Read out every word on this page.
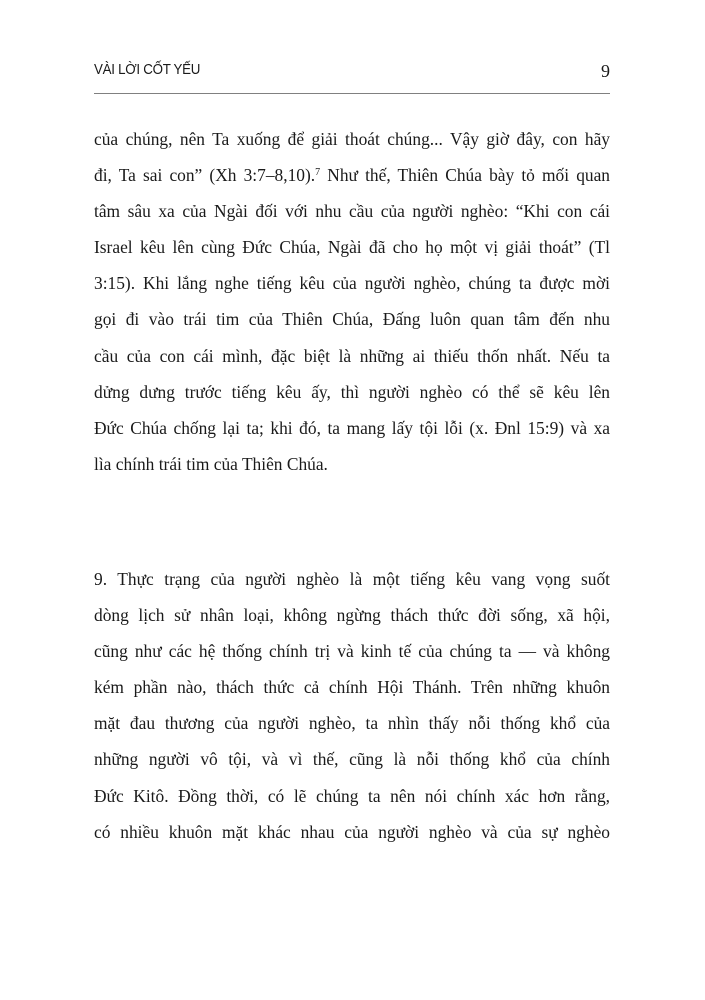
VÀI LỜI CỐT YẾU	9
của chúng, nên Ta xuống để giải thoát chúng... Vậy giờ đây, con hãy
đi, Ta sai con” (Xh 3:7–8,10).$^7$ Như thế, Thiên Chúa bày tỏ mối quan
tâm sâu xa của Ngài đối với nhu cầu của người nghèo: “Khi con cái
Israel kêu lên cùng Đức Chúa, Ngài đã cho họ một vị giải thoát” (Tl
3:15). Khi lắng nghe tiếng kêu của người nghèo, chúng ta được mời
gọi đi vào trái tim của Thiên Chúa, Đấng luôn quan tâm đến nhu
cầu của con cái mình, đặc biệt là những ai thiếu thốn nhất. Nếu ta
dửng dưng trước tiếng kêu ấy, thì người nghèo có thể sẽ kêu lên
Đức Chúa chống lại ta; khi đó, ta mang lấy tội lỗi (x. Đnl 15:9) và xa
lìa chính trái tim của Thiên Chúa.
9. Thực trạng của người nghèo là một tiếng kêu vang vọng suốt
dòng lịch sử nhân loại, không ngừng thách thức đời sống, xã hội,
cũng như các hệ thống chính trị và kinh tế của chúng ta — và không
kém phần nào, thách thức cả chính Hội Thánh. Trên những khuôn
mặt đau thương của người nghèo, ta nhìn thấy nỗi thống khổ của
những người vô tội, và vì thế, cũng là nỗi thống khổ của chính
Đức Kitô. Đồng thời, có lẽ chúng ta nên nói chính xác hơn rằng,
có nhiều khuôn mặt khác nhau của người nghèo và của sự nghèo
